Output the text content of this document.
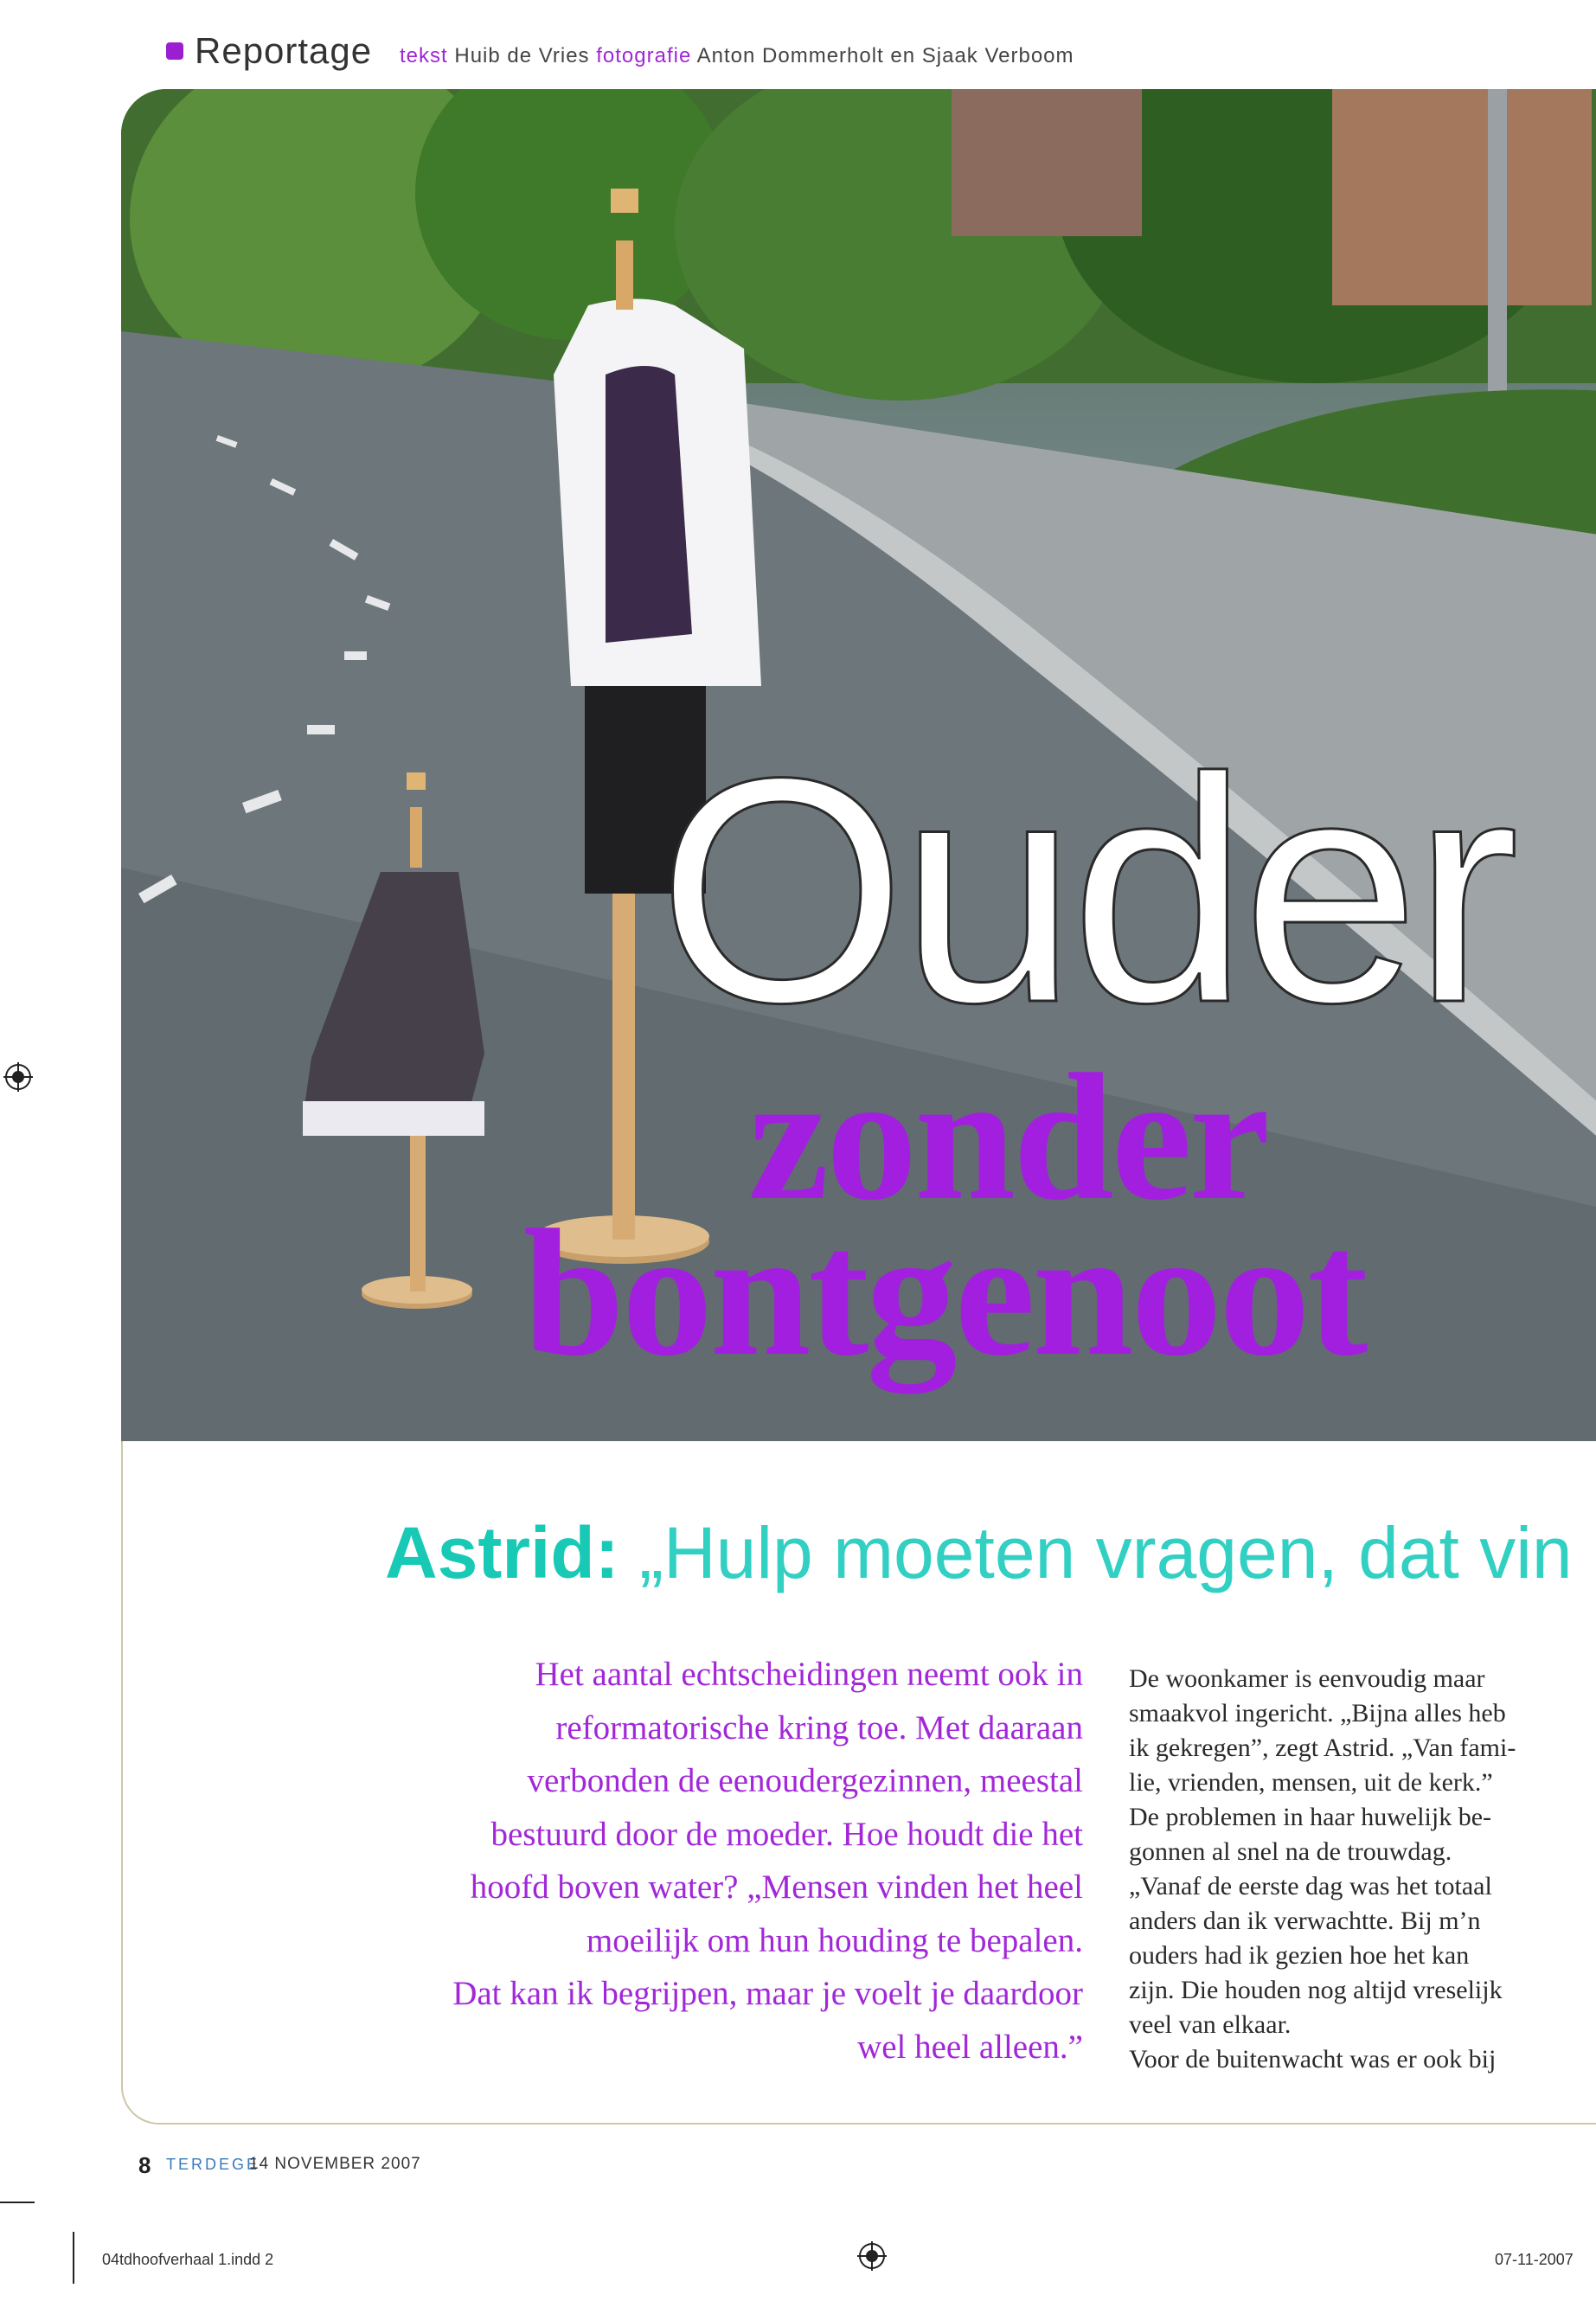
Reportage tekst Huib de Vries fotografie Anton Dommerholt en Sjaak Verboom
Ouder
zonder
bontgenoot
Astrid: „Hulp moeten vragen, dat vin

Het aantal echtscheidingen neemt ook in

reformatorische kring toe. Met daaraan

verbonden de eenoudergezinnen, meestal

bestuurd door de moeder. Hoe houdt die het

hoofd boven water? „Mensen vinden het heel

moeilijk om hun houding te bepalen.

Dat kan ik begrijpen, maar je voelt je daardoor

wel heel alleen.”

De woonkamer is eenvoudig maar

smaakvol ingericht. „Bijna alles heb

ik gekregen”, zegt Astrid. „Van fami-

lie, vrienden, mensen, uit de kerk.”

De problemen in haar huwelijk be-

gonnen al snel na de trouwdag.

„Vanaf de eerste dag was het totaal

anders dan ik verwachtte. Bij m’n

ouders had ik gezien hoe het kan

zijn. Die houden nog altijd vreselijk

veel van elkaar.

Voor de buitenwacht was er ook bij

8 TERDEGE
14 NOVEMBER 2007
04tdhoofverhaal 1.indd 2	07-11-2007
